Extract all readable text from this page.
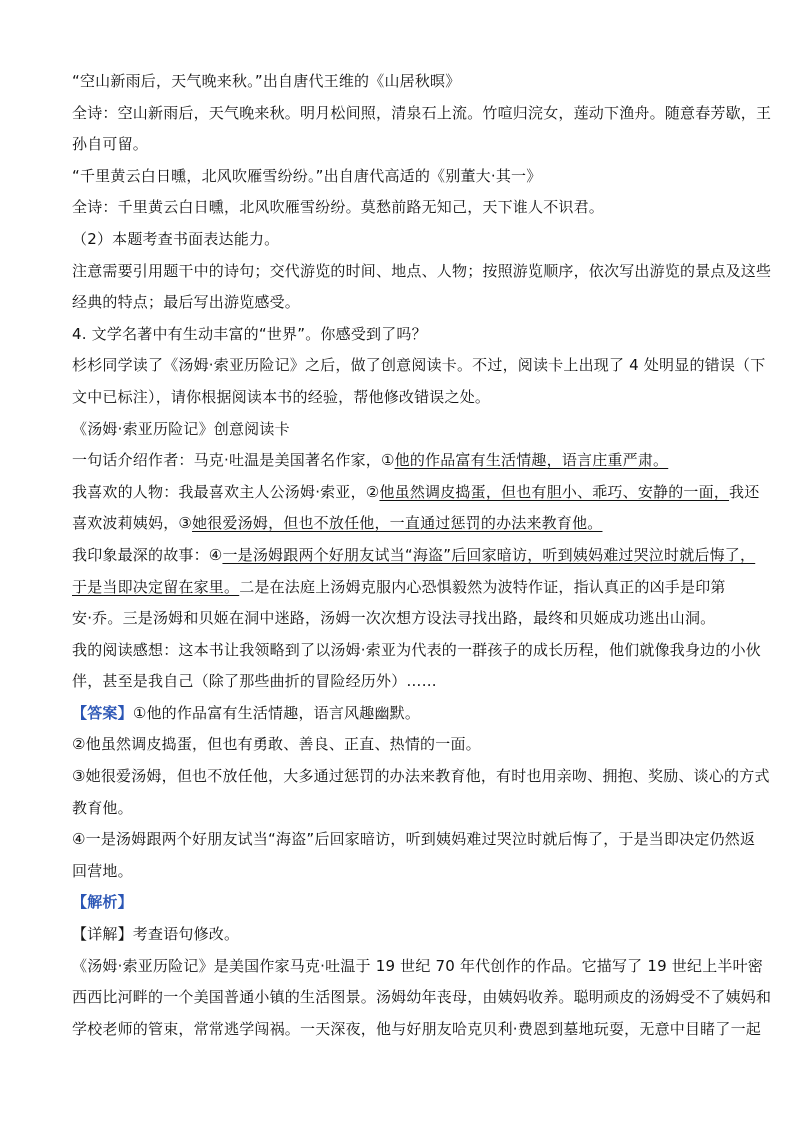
“空山新雨后，天气晚来秋。”出自唐代王维的《山居秋暝》
全诗：空山新雨后，天气晚来秋。明月松间照，清泉石上流。竹喧归浣女，莲动下渔舟。随意春芳歇，王
孙自可留。
“千里黄云白日曛，北风吹雁雪纷纷。”出自唐代高适的《别董大·其一》
全诗：千里黄云白日曛，北风吹雁雪纷纷。莫愁前路无知己，天下谁人不识君。
（2）本题考查书面表达能力。
注意需要引用题干中的诗句；交代游览的时间、地点、人物；按照游览顺序，依次写出游览的景点及这些
经典的特点；最后写出游览感受。
4. 文学名著中有生动丰富的“世界”。你感受到了吗？
杉杉同学读了《汤姆·索亚历险记》之后，做了创意阅读卡。不过，阅读卡上出现了 4 处明显的错误（下
文中已标注），请你根据阅读本书的经验，帮他修改错误之处。
《汤姆·索亚历险记》创意阅读卡
一句话介绍作者：马克·吐温是美国著名作家，①他的作品富有生活情趣，语言庄重严肃。
我喜欢的人物：我最喜欢主人公汤姆·索亚，②他虽然调皮捣蛋，但也有胆小、乖巧、安静的一面，我还
喜欢波莉姨妈，③她很爱汤姆，但也不放任他，一直通过惩罚的办法来教育他。
我印象最深的故事：④一是汤姆跟两个好朋友试当“海盗”后回家暗访，听到姨妈难过哭泣时就后悔了，
于是当即决定留在家里。二是在法庭上汤姆克服内心恐惧毅然为波特作证，指认真正的凶手是印第
安·乔。三是汤姆和贝姬在洞中迷路，汤姆一次次想方设法寻找出路，最终和贝姬成功逃出山洞。
我的阅读感想：这本书让我领略到了以汤姆·索亚为代表的一群孩子的成长历程，他们就像我身边的小伙
伴，甚至是我自己（除了那些曲折的冒险经历外）……
【答案】①他的作品富有生活情趣，语言风趣幽默。
②他虽然调皮捣蛋，但也有勇敢、善良、正直、热情的一面。
③她很爱汤姆，但也不放任他，大多通过惩罚的办法来教育他，有时也用亲吻、拥抱、奖励、谈心的方式
教育他。
④一是汤姆跟两个好朋友试当“海盗”后回家暗访，听到姨妈难过哭泣时就后悔了，于是当即决定仍然返
回营地。
【解析】
【详解】考查语句修改。
《汤姆·索亚历险记》是美国作家马克·吐温于 19 世纪 70 年代创作的作品。它描写了 19 世纪上半叶密
西西比河畔的一个美国普通小镇的生活图景。汤姆幼年丧母，由姨妈收养。聪明顽皮的汤姆受不了姨妈和
学校老师的管束，常常逃学闯祸。一天深夜，他与好朋友哈克贝利·费恩到墓地玩耍，无意中目睹了一起
